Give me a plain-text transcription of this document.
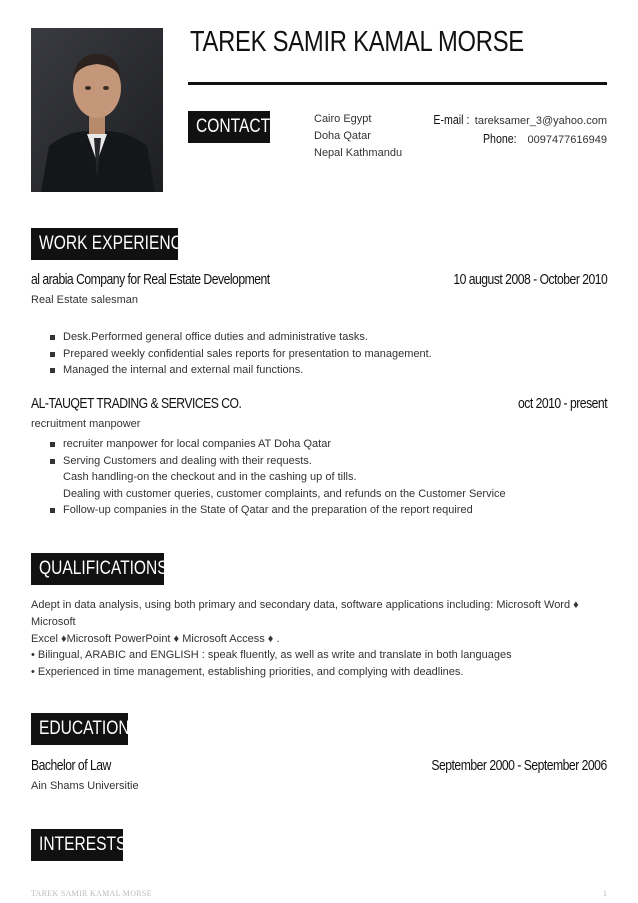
TAREK SAMIR KAMAL MORSE
CONTACT	Cairo Egypt
Doha Qatar
Nepal Kathmandu
E-mail : tareksamer_3@yahoo.com
Phone: 0097477616949
WORK EXPERIENCE
al arabia Company for Real Estate Development	10 august 2008 - October 2010
Real Estate salesman
Desk.Performed general office duties and administrative tasks.
Prepared weekly confidential sales reports for presentation to management.
Managed the internal and external mail functions.
AL-TAUQET TRADING & SERVICES CO.	oct 2010 - present
recruitment manpower
recruiter manpower for local companies AT Doha Qatar
Serving Customers and dealing with their requests.
Cash handling-on the checkout and in the cashing up of tills.
Dealing with customer queries, customer complaints, and refunds on the Customer Service
Follow-up companies in the State of Qatar and the preparation of the report required
QUALIFICATIONS
Adept in data analysis, using both primary and secondary data, software applications including: Microsoft Word ♦
Microsoft
Excel ♦Microsoft PowerPoint ♦ Microsoft Access ♦ .
• Bilingual, ARABIC and ENGLISH : speak fluently, as well as write and translate in both languages
• Experienced in time management, establishing priorities, and complying with deadlines.
EDUCATION
Bachelor of Law	September 2000 - September 2006
Ain Shams Universitie
INTERESTS
TAREK SAMIR KAMAL MORSE	1
